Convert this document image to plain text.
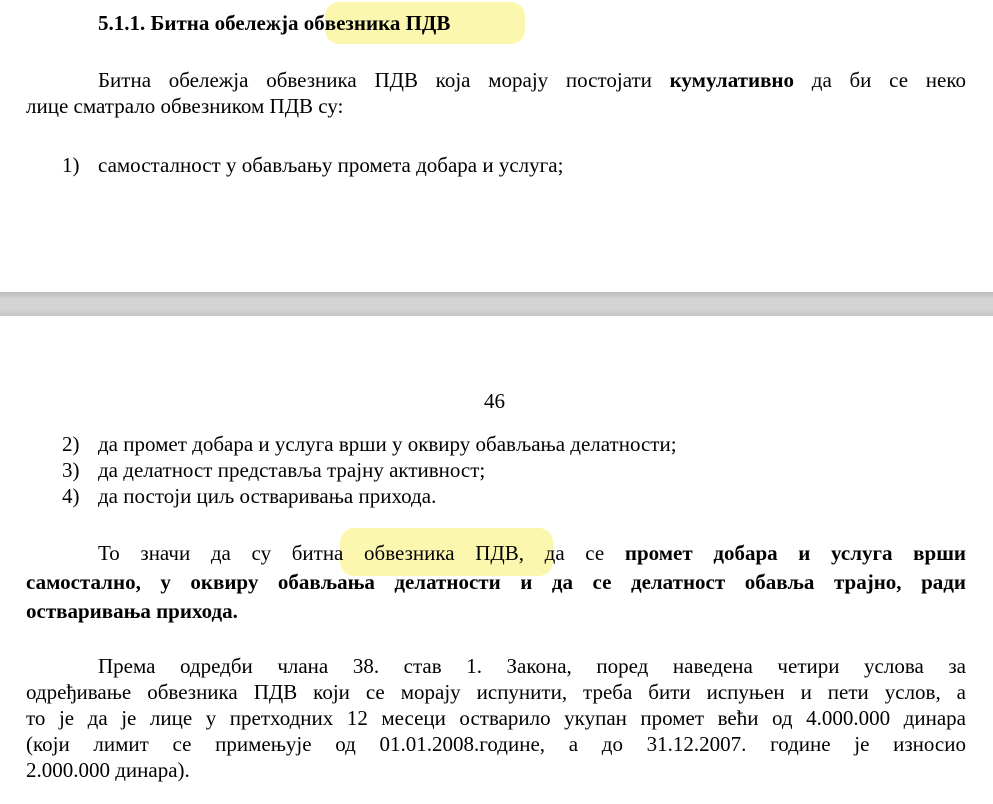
5.1.1. Битна обележја обвезника ПДВ
Битна обележја обвезника ПДВ која морају постојати кумулативно да би се неко
лице сматрало обвезником ПДВ су:
1) самосталност у обављању промета добара и услуга;
46
2) да промет добара и услуга врши у оквиру обављања делатности;
3) да делатност представља трајну активност;
4) да постоји циљ остваривања прихода.
То значи да су битна обвезника ПДВ, да се промет добара и услуга врши
самостално, у оквиру обављања делатности и да се делатност обавља трајно, ради
остваривања прихода.
Према одредби члана 38. став 1. Закона, поред наведена четири услова за
одређивање обвезника ПДВ који се морају испунити, треба бити испуњен и пети услов, а
то је да је лице у претходних 12 месеци остварило укупан промет већи од 4.000.000 динара
(који лимит се примењује од 01.01.2008.године, а до 31.12.2007. године је износио
2.000.000 динара).
